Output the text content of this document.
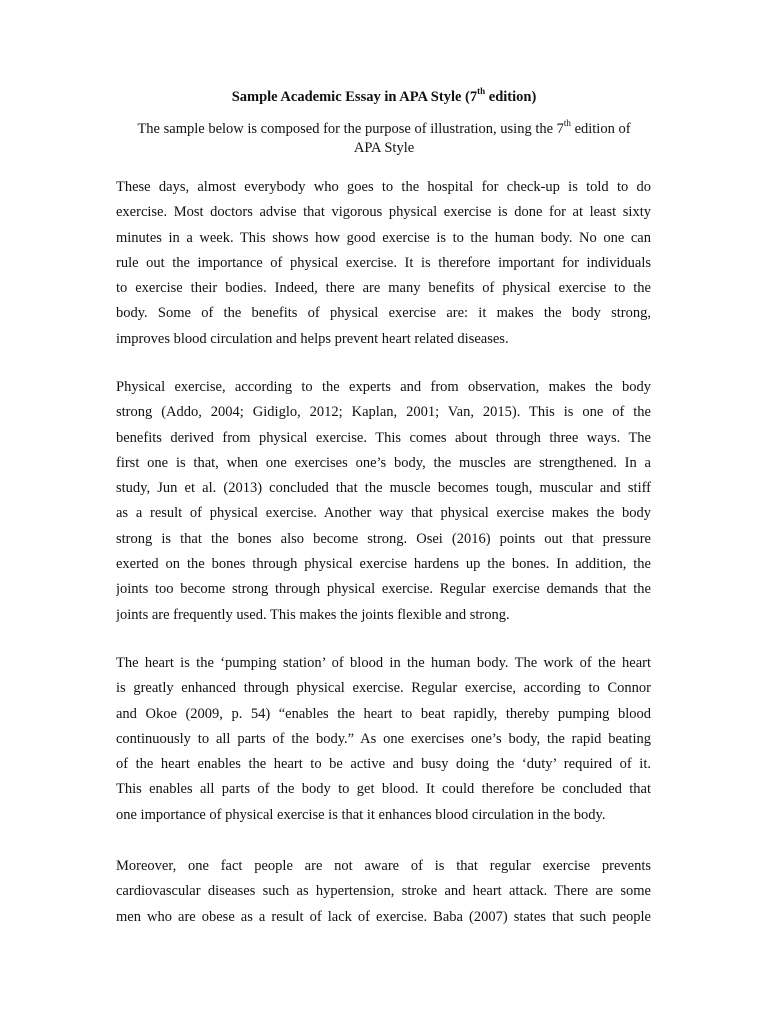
Sample Academic Essay in APA Style (7th edition)
The sample below is composed for the purpose of illustration, using the 7th edition of
APA Style
These days, almost everybody who goes to the hospital for check-up is told to do
exercise. Most doctors advise that vigorous physical exercise is done for at least sixty
minutes in a week. This shows how good exercise is to the human body. No one can
rule out the importance of physical exercise. It is therefore important for individuals
to exercise their bodies. Indeed, there are many benefits of physical exercise to the
body. Some of the benefits of physical exercise are: it makes the body strong,
improves blood circulation and helps prevent heart related diseases.
Physical exercise, according to the experts and from observation, makes the body
strong (Addo, 2004; Gidiglo, 2012; Kaplan, 2001; Van, 2015). This is one of the
benefits derived from physical exercise. This comes about through three ways. The
first one is that, when one exercises one’s body, the muscles are strengthened. In a
study, Jun et al. (2013) concluded that the muscle becomes tough, muscular and stiff
as a result of physical exercise. Another way that physical exercise makes the body
strong is that the bones also become strong. Osei (2016) points out that pressure
exerted on the bones through physical exercise hardens up the bones. In addition, the
joints too become strong through physical exercise. Regular exercise demands that the
joints are frequently used. This makes the joints flexible and strong.
The heart is the ‘pumping station’ of blood in the human body. The work of the heart
is greatly enhanced through physical exercise. Regular exercise, according to Connor
and Okoe (2009, p. 54) “enables the heart to beat rapidly, thereby pumping blood
continuously to all parts of the body.” As one exercises one’s body, the rapid beating
of the heart enables the heart to be active and busy doing the ‘duty’ required of it.
This enables all parts of the body to get blood. It could therefore be concluded that
one importance of physical exercise is that it enhances blood circulation in the body.
Moreover, one fact people are not aware of is that regular exercise prevents
cardiovascular diseases such as hypertension, stroke and heart attack. There are some
men who are obese as a result of lack of exercise. Baba (2007) states that such people
